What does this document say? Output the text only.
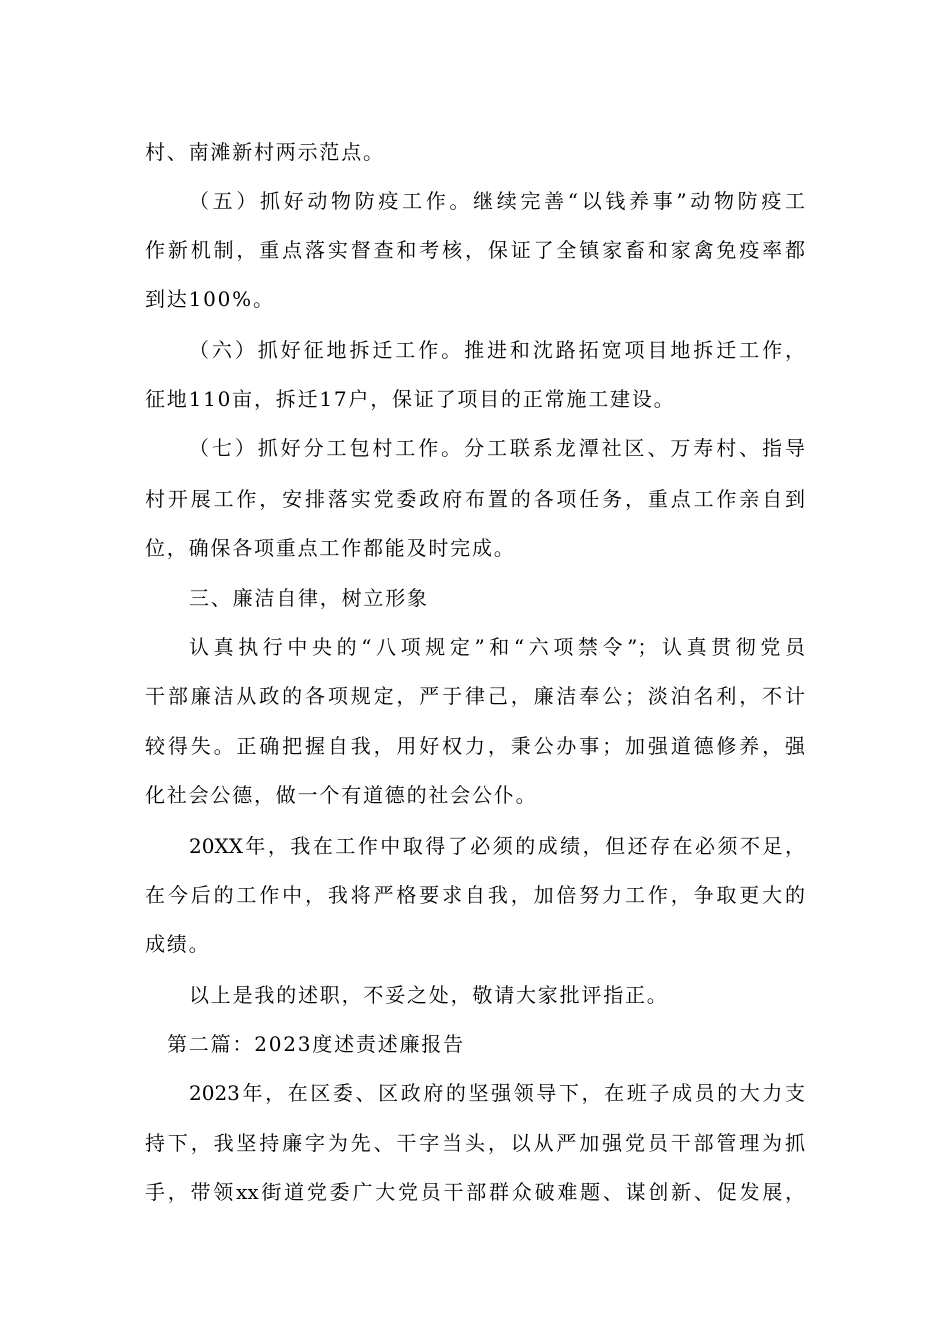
村、南滩新村两示范点。
（五）抓好动物防疫工作。继续完善“以钱养事”动物防疫工
作新机制，重点落实督查和考核，保证了全镇家畜和家禽免疫率都
到达100%。
（六）抓好征地拆迁工作。推进和沈路拓宽项目地拆迁工作，
征地110亩，拆迁17户，保证了项目的正常施工建设。
（七）抓好分工包村工作。分工联系龙潭社区、万寿村、指导
村开展工作，安排落实党委政府布置的各项任务，重点工作亲自到
位，确保各项重点工作都能及时完成。
三、廉洁自律，树立形象
认真执行中央的“八项规定”和“六项禁令”；认真贯彻党员
干部廉洁从政的各项规定，严于律己，廉洁奉公；淡泊名利，不计
较得失。正确把握自我，用好权力，秉公办事；加强道德修养，强
化社会公德，做一个有道德的社会公仆。
20XX年，我在工作中取得了必须的成绩，但还存在必须不足，
在今后的工作中，我将严格要求自我，加倍努力工作，争取更大的
成绩。
以上是我的述职，不妥之处，敬请大家批评指正。
第二篇：2023度述责述廉报告
2023年，在区委、区政府的坚强领导下，在班子成员的大力支
持下，我坚持廉字为先、干字当头，以从严加强党员干部管理为抓
手，带领xx街道党委广大党员干部群众破难题、谋创新、促发展，
